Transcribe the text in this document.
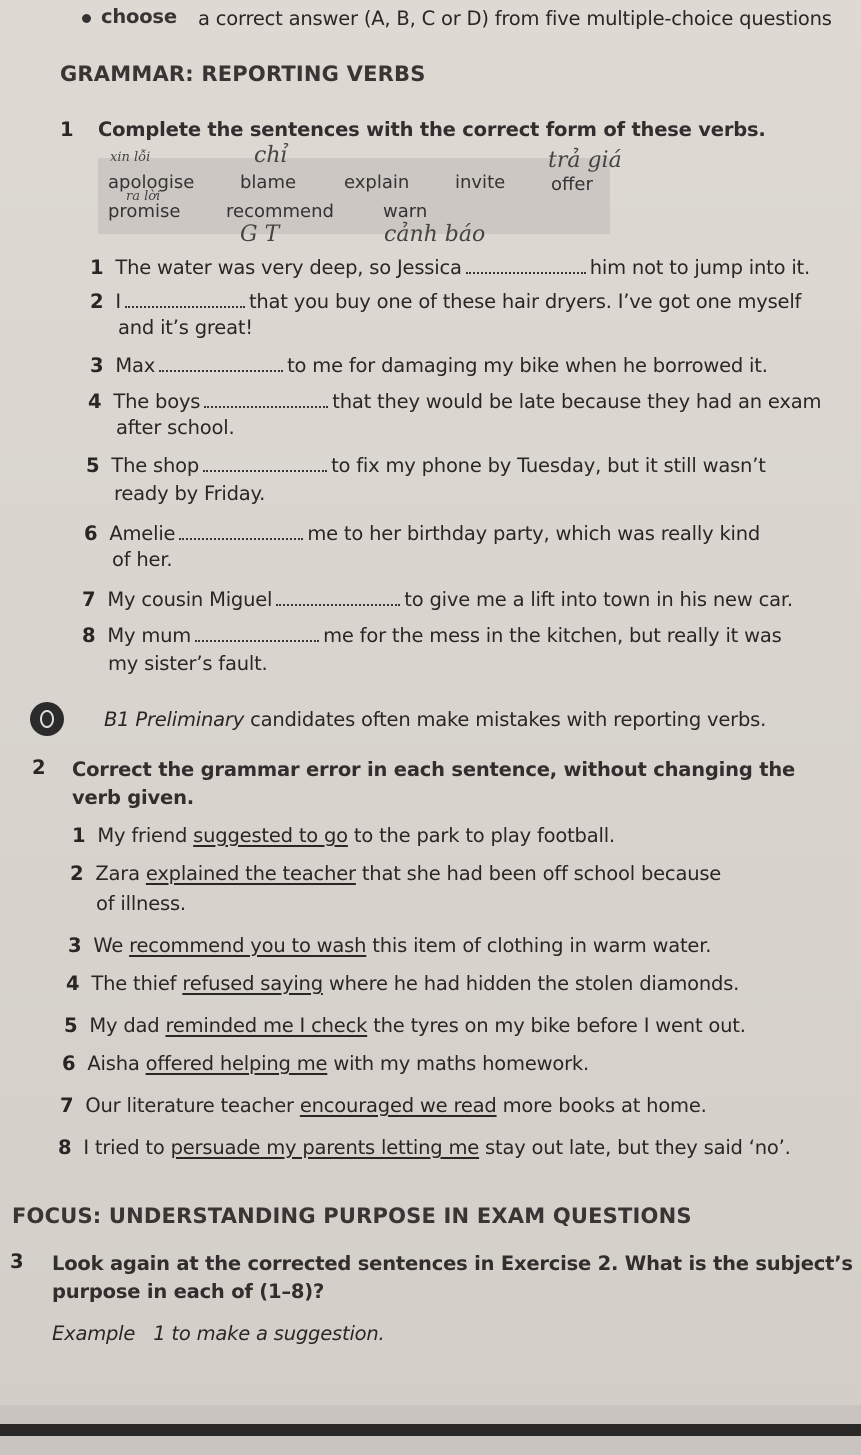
choose a correct answer (A, B, C or D) from five multiple-choice questions
GRAMMAR: REPORTING VERBS
1 Complete the sentences with the correct form of these verbs.
apologise	blame	explain	invite	offer
promise	recommend	warn
xin lỗi	chỉ	trả giá
ra lời
G T	cảnh báo
1 The water was very deep, so Jessica	him not to jump into it.
2 I	that you buy one of these hair dryers. I’ve got one myself
and it’s great!
3 Max	to me for damaging my bike when he borrowed it.
4 The boys	that they would be late because they had an exam
after school.
5 The shop	to fix my phone by Tuesday, but it still wasn’t
ready by Friday.
6 Amelie	me to her birthday party, which was really kind
of her.
7 My cousin Miguel	to give me a lift into town in his new car.
8 My mum	me for the mess in the kitchen, but really it was
my sister’s fault.
B1 Preliminary candidates often make mistakes with reporting verbs.
2 Correct the grammar error in each sentence, without changing the
verb given.
1 My friend suggested to go to the park to play football.
2 Zara explained the teacher that she had been off school because
of illness.
3 We recommend you to wash this item of clothing in warm water.
4 The thief refused saying where he had hidden the stolen diamonds.
5 My dad reminded me I check the tyres on my bike before I went out.
6 Aisha offered helping me with my maths homework.
7 Our literature teacher encouraged we read more books at home.
8 I tried to persuade my parents letting me stay out late, but they said ‘no’.
FOCUS: UNDERSTANDING PURPOSE IN EXAM QUESTIONS
3 Look again at the corrected sentences in Exercise 2. What is the subject’s
purpose in each of (1–8)?
Example 1 to make a suggestion.
